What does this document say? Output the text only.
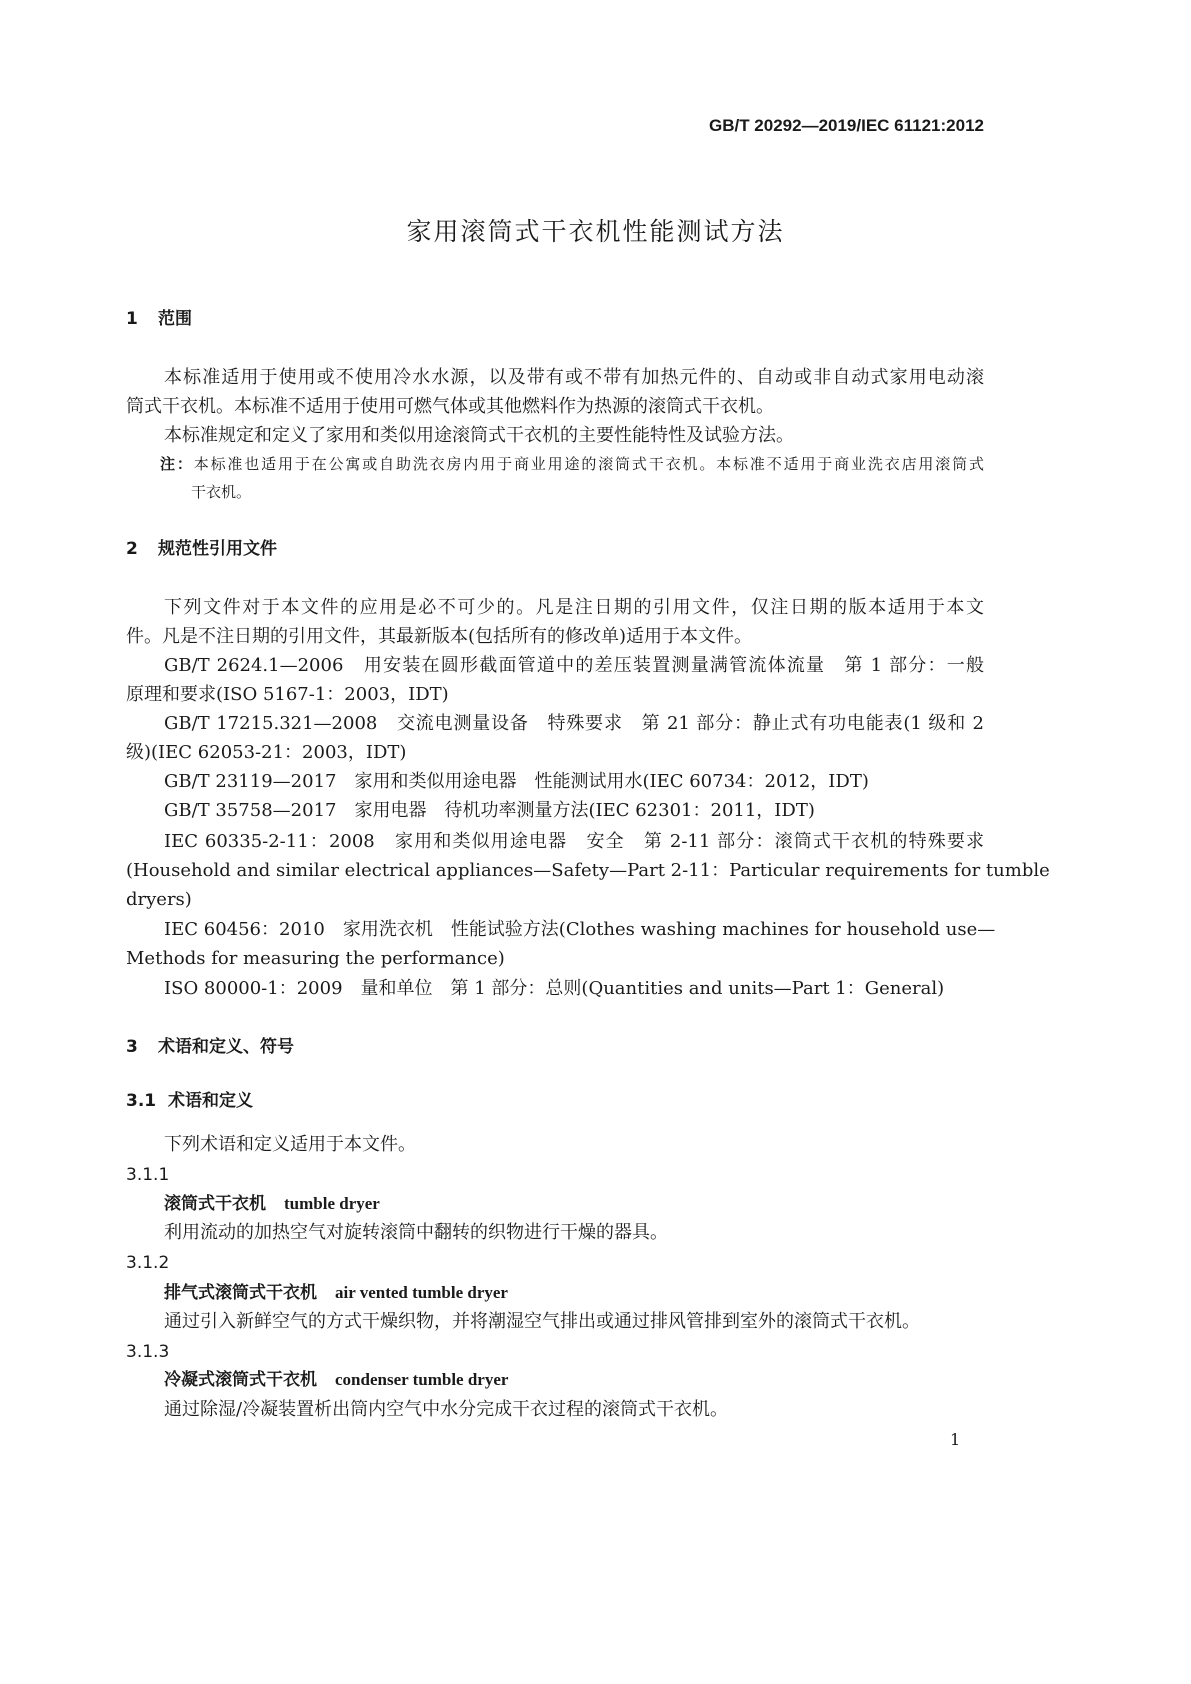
GB/T 20292—2019/IEC 61121:2012
家用滚筒式干衣机性能测试方法
1 范围
本标准适用于使用或不使用冷水水源，以及带有或不带有加热元件的、自动或非自动式家用电动滚
筒式干衣机。本标准不适用于使用可燃气体或其他燃料作为热源的滚筒式干衣机。
本标准规定和定义了家用和类似用途滚筒式干衣机的主要性能特性及试验方法。
注：本标准也适用于在公寓或自助洗衣房内用于商业用途的滚筒式干衣机。本标准不适用于商业洗衣店用滚筒式
干衣机。
2 规范性引用文件
下列文件对于本文件的应用是必不可少的。凡是注日期的引用文件，仅注日期的版本适用于本文
件。凡是不注日期的引用文件，其最新版本(包括所有的修改单)适用于本文件。
GB/T 2624.1—2006　用安装在圆形截面管道中的差压装置测量满管流体流量　第 1 部分：一般
原理和要求(ISO 5167-1：2003，IDT)
GB/T 17215.321—2008　交流电测量设备　特殊要求　第 21 部分：静止式有功电能表(1 级和 2
级)(IEC 62053-21：2003，IDT)
GB/T 23119—2017　家用和类似用途电器　性能测试用水(IEC 60734：2012，IDT)
GB/T 35758—2017　家用电器　待机功率测量方法(IEC 62301：2011，IDT)
IEC 60335-2-11：2008　家用和类似用途电器　安全　第 2-11 部分：滚筒式干衣机的特殊要求
(Household and similar electrical appliances—Safety—Part 2-11：Particular requirements for tumble
dryers)
IEC 60456：2010　家用洗衣机　性能试验方法(Clothes washing machines for household use—
Methods for measuring the performance)
ISO 80000-1：2009　量和单位　第 1 部分：总则(Quantities and units—Part 1：General)
3 术语和定义、符号
3.1 术语和定义
下列术语和定义适用于本文件。
3.1.1
滚筒式干衣机 tumble dryer
利用流动的加热空气对旋转滚筒中翻转的织物进行干燥的器具。
3.1.2
排气式滚筒式干衣机 air vented tumble dryer
通过引入新鲜空气的方式干燥织物，并将潮湿空气排出或通过排风管排到室外的滚筒式干衣机。
3.1.3
冷凝式滚筒式干衣机 condenser tumble dryer
通过除湿/冷凝装置析出筒内空气中水分完成干衣过程的滚筒式干衣机。
1
